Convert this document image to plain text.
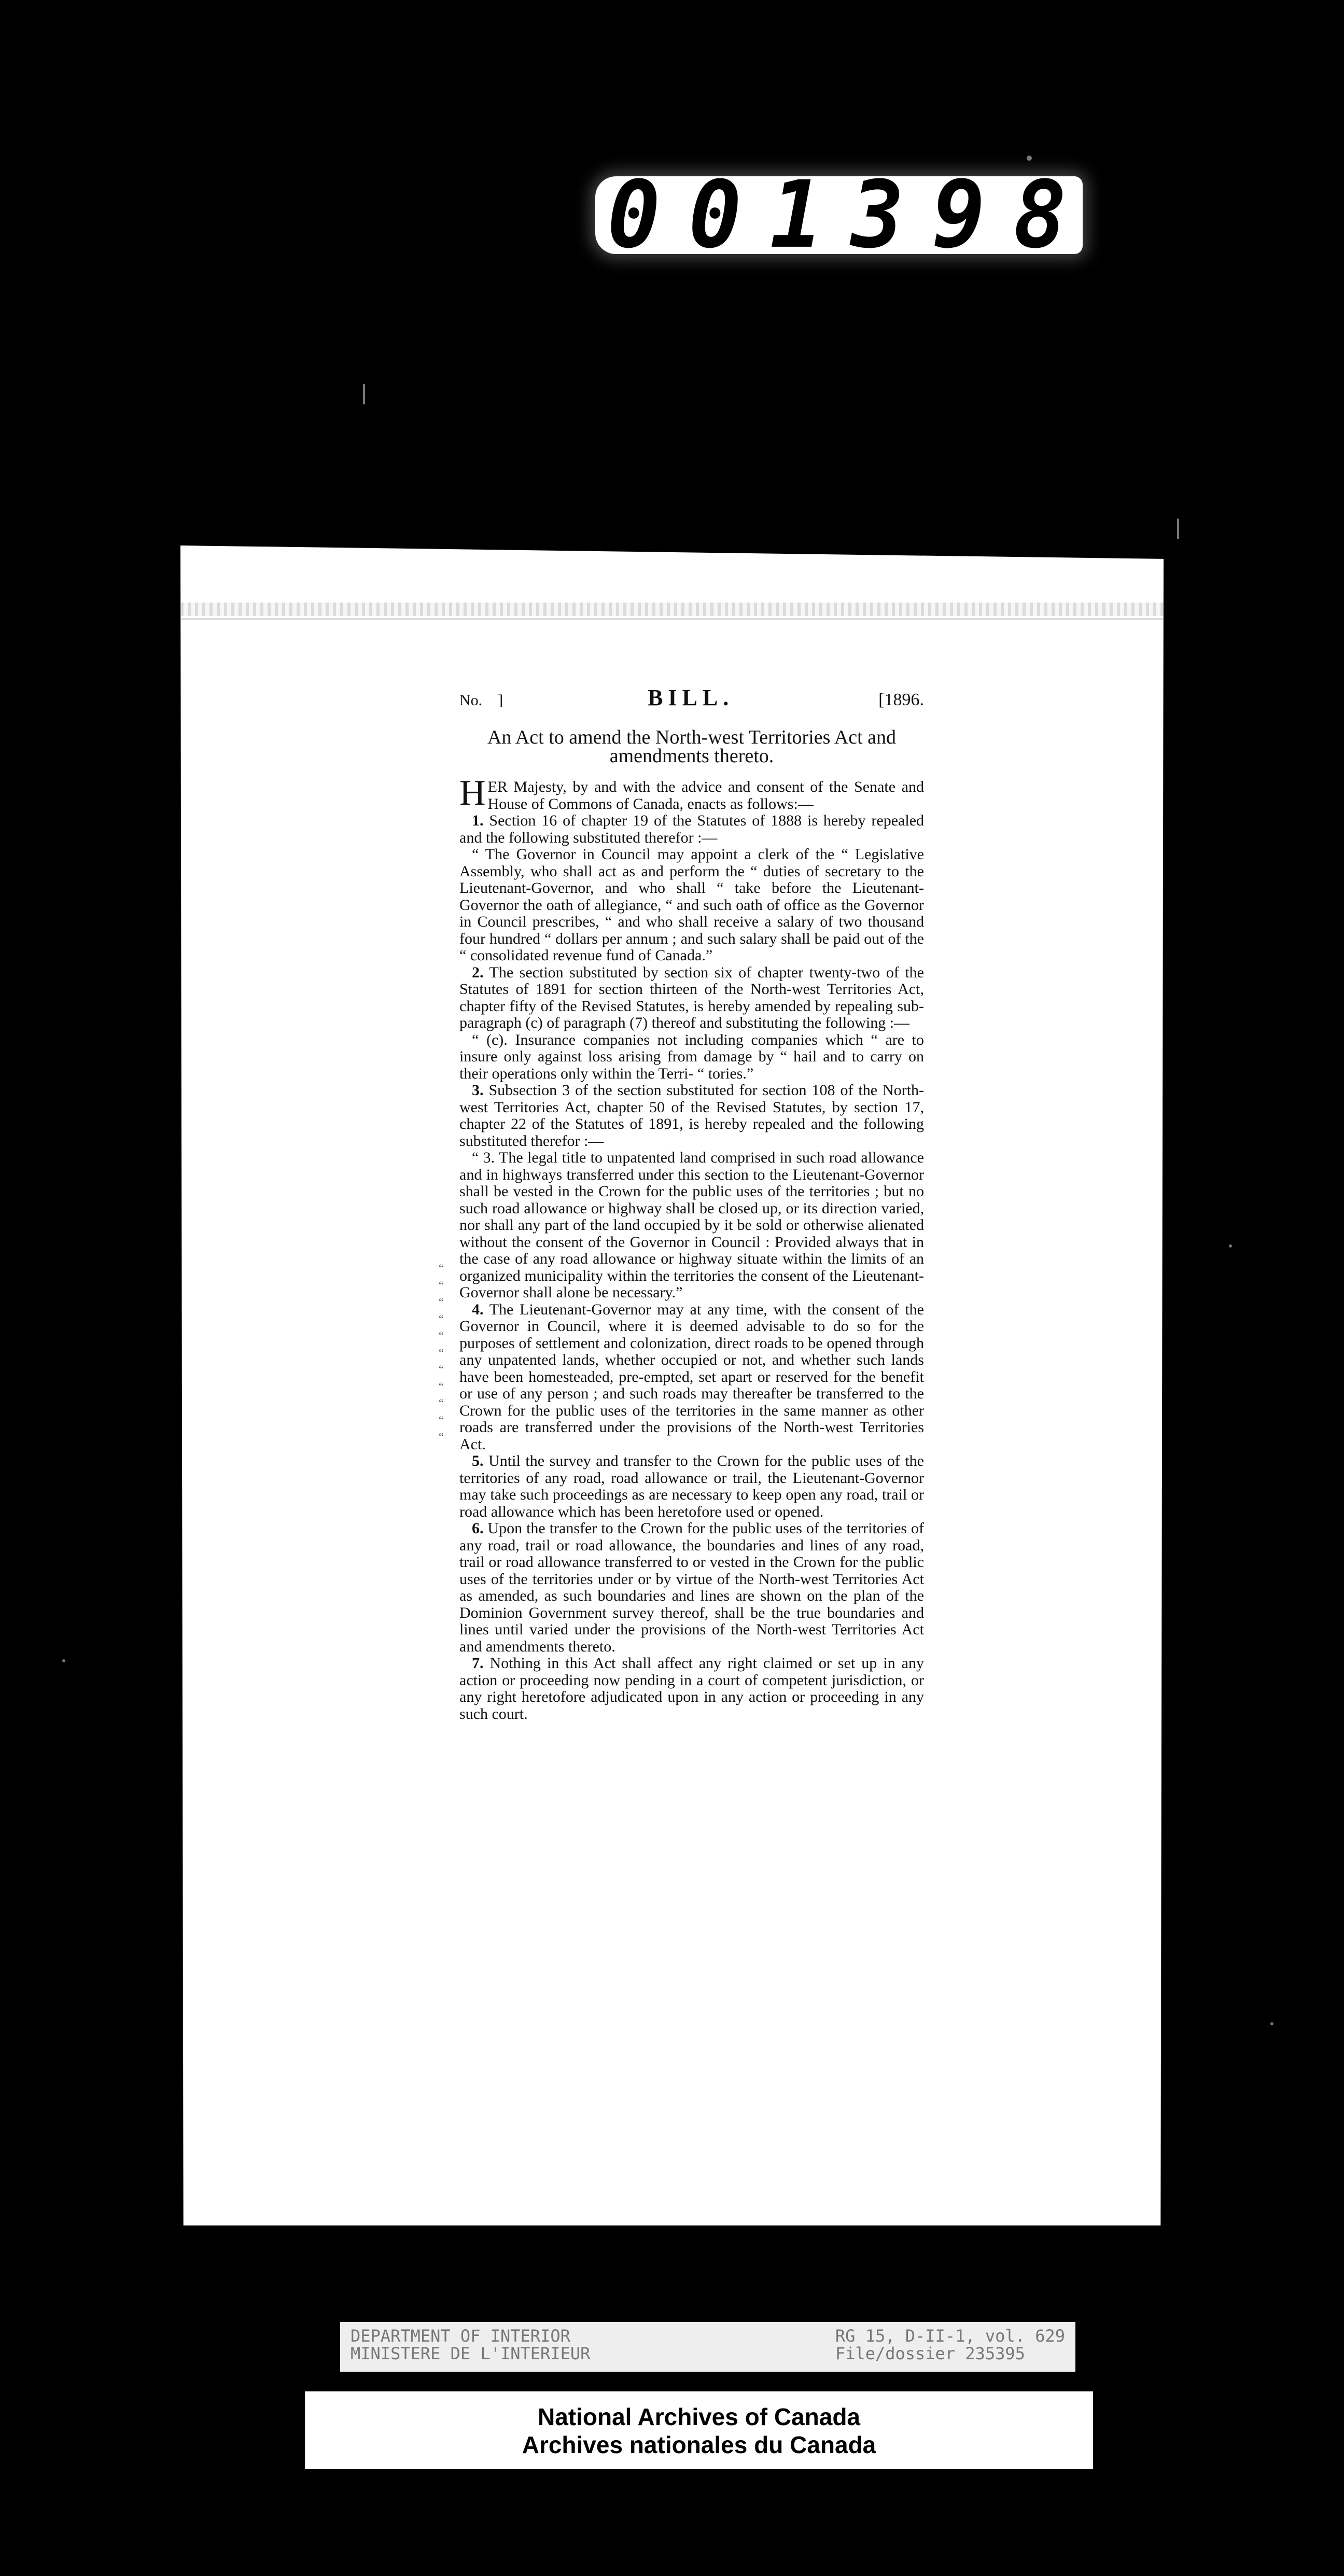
0 0 1 3 9 8
No. ]	BILL.	[1896.
An Act to amend the North-west Territories Act and amendments thereto.

HER Majesty, by and with the advice and consent of the Senate and House of Commons of Canada, enacts as follows:—

1. Section 16 of chapter 19 of the Statutes of 1888 is hereby repealed and the following substituted therefor :—

“ The Governor in Council may appoint a clerk of the “ Legislative Assembly, who shall act as and perform the “ duties of secretary to the Lieutenant-Governor, and who shall “ take before the Lieutenant-Governor the oath of allegiance, “ and such oath of office as the Governor in Council prescribes, “ and who shall receive a salary of two thousand four hundred “ dollars per annum ; and such salary shall be paid out of the “ consolidated revenue fund of Canada.”

2. The section substituted by section six of chapter twenty-two of the Statutes of 1891 for section thirteen of the North-west Territories Act, chapter fifty of the Revised Statutes, is hereby amended by repealing sub-paragraph (c) of paragraph (7) thereof and substituting the following :—

“ (c). Insurance companies not including companies which “ are to insure only against loss arising from damage by “ hail and to carry on their operations only within the Terri- “ tories.”

3. Subsection 3 of the section substituted for section 108 of the North-west Territories Act, chapter 50 of the Revised Statutes, by section 17, chapter 22 of the Statutes of 1891, is hereby repealed and the following substituted therefor :—

“ 3. The legal title to unpatented land comprised in such road allowance and in highways transferred under this section to the Lieutenant-Governor shall be vested in the Crown for the public uses of the territories ; but no such road allowance or highway shall be closed up, or its direction varied, nor shall any part of the land occupied by it be sold or otherwise alienated without the consent of the Governor in Council : Provided always that in the case of any road allowance or highway situate within the limits of an organized municipality within the territories the consent of the Lieutenant-Governor shall alone be necessary.”

4. The Lieutenant-Governor may at any time, with the consent of the Governor in Council, where it is deemed advisable to do so for the purposes of settlement and colonization, direct roads to be opened through any unpatented lands, whether occupied or not, and whether such lands have been homesteaded, pre-empted, set apart or reserved for the benefit or use of any person ; and such roads may thereafter be transferred to the Crown for the public uses of the territories in the same manner as other roads are transferred under the provisions of the North-west Territories Act.

5. Until the survey and transfer to the Crown for the public uses of the territories of any road, road allowance or trail, the Lieutenant-Governor may take such proceedings as are necessary to keep open any road, trail or road allowance which has been heretofore used or opened.

6. Upon the transfer to the Crown for the public uses of the territories of any road, trail or road allowance, the boundaries and lines of any road, trail or road allowance transferred to or vested in the Crown for the public uses of the territories under or by virtue of the North-west Territories Act as amended, as such boundaries and lines are shown on the plan of the Dominion Government survey thereof, shall be the true boundaries and lines until varied under the provisions of the North-west Territories Act and amendments thereto.

7. Nothing in this Act shall affect any right claimed or set up in any action or proceeding now pending in a court of competent jurisdiction, or any right heretofore adjudicated upon in any action or proceeding in any such court.

“
“
“
“
“
“
“
“
“
“
“
DEPARTMENT OF INTERIOR
MINISTERE DE L'INTERIEUR
RG 15, D-II-1, vol. 629
File/dossier 235395
National Archives of Canada
Archives nationales du Canada
